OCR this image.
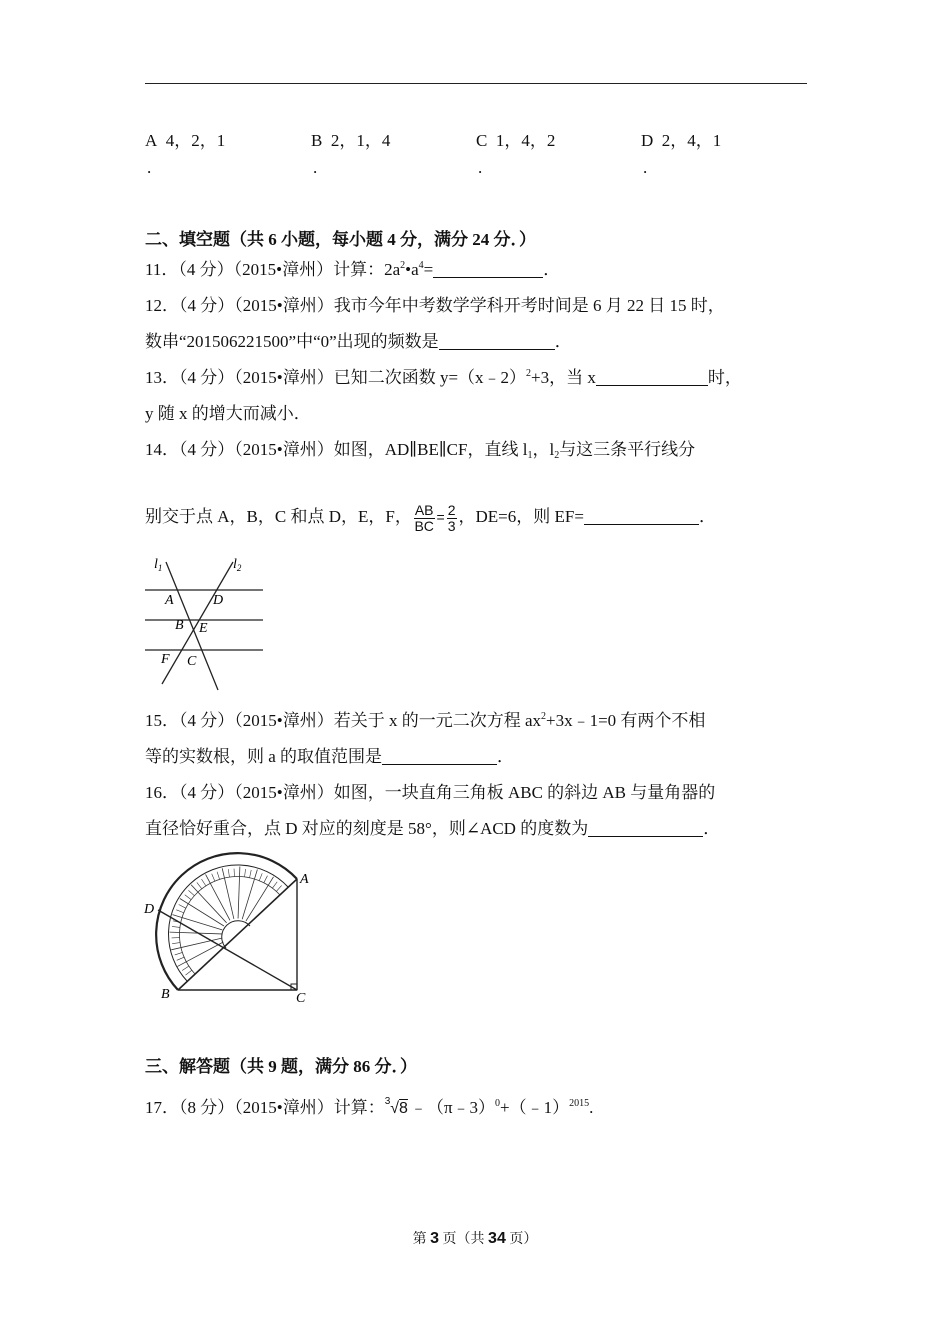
A 4，2，1
.
B 2，1，4
.
C 1，4，2
.
D 2，4，1
.
二、填空题（共 6 小题，每小题 4 分，满分 24 分．）
11．（4 分）（2015•漳州）计算：$2a^2•a^4=$	．
12．（4 分）（2015•漳州）我市今年中考数学学科开考时间是 6 月 22 日 15 时，
数串“201506221500”中“0”出现的频数是	．
13．（4 分）（2015•漳州）已知二次函数 y=（x﹣2）$^2$+3，当 x	时，
y 随 x 的增大而减小．
14．（4 分）（2015•漳州）如图，AD∥BE∥CF，直线 $l_1$，$l_2$与这三条平行线分
别交于点 A，B，C 和点 D，E，F， $\frac{AB}{BC} = \frac{2}{3}$ ，DE=6，则 EF=	．
$l_1$	$l_2$
A	D
B E
F C
15．（4 分）（2015•漳州）若关于 x 的一元二次方程 $ax^2+3x﹣1=0$ 有两个不相
等的实数根，则 a 的取值范围是	．
16．（4 分）（2015•漳州）如图，一块直角三角板 ABC 的斜边 AB 与量角器的
直径恰好重合，点 D 对应的刻度是 58°，则∠ACD 的度数为	．
A
D
B	C
三、解答题（共 9 题，满分 86 分．）
17．（8 分）（2015•漳州）计算：$^3$√8 ﹣（π﹣3）$^0$+（﹣1）$^{2015}$.
第 3 页（共 34 页）
